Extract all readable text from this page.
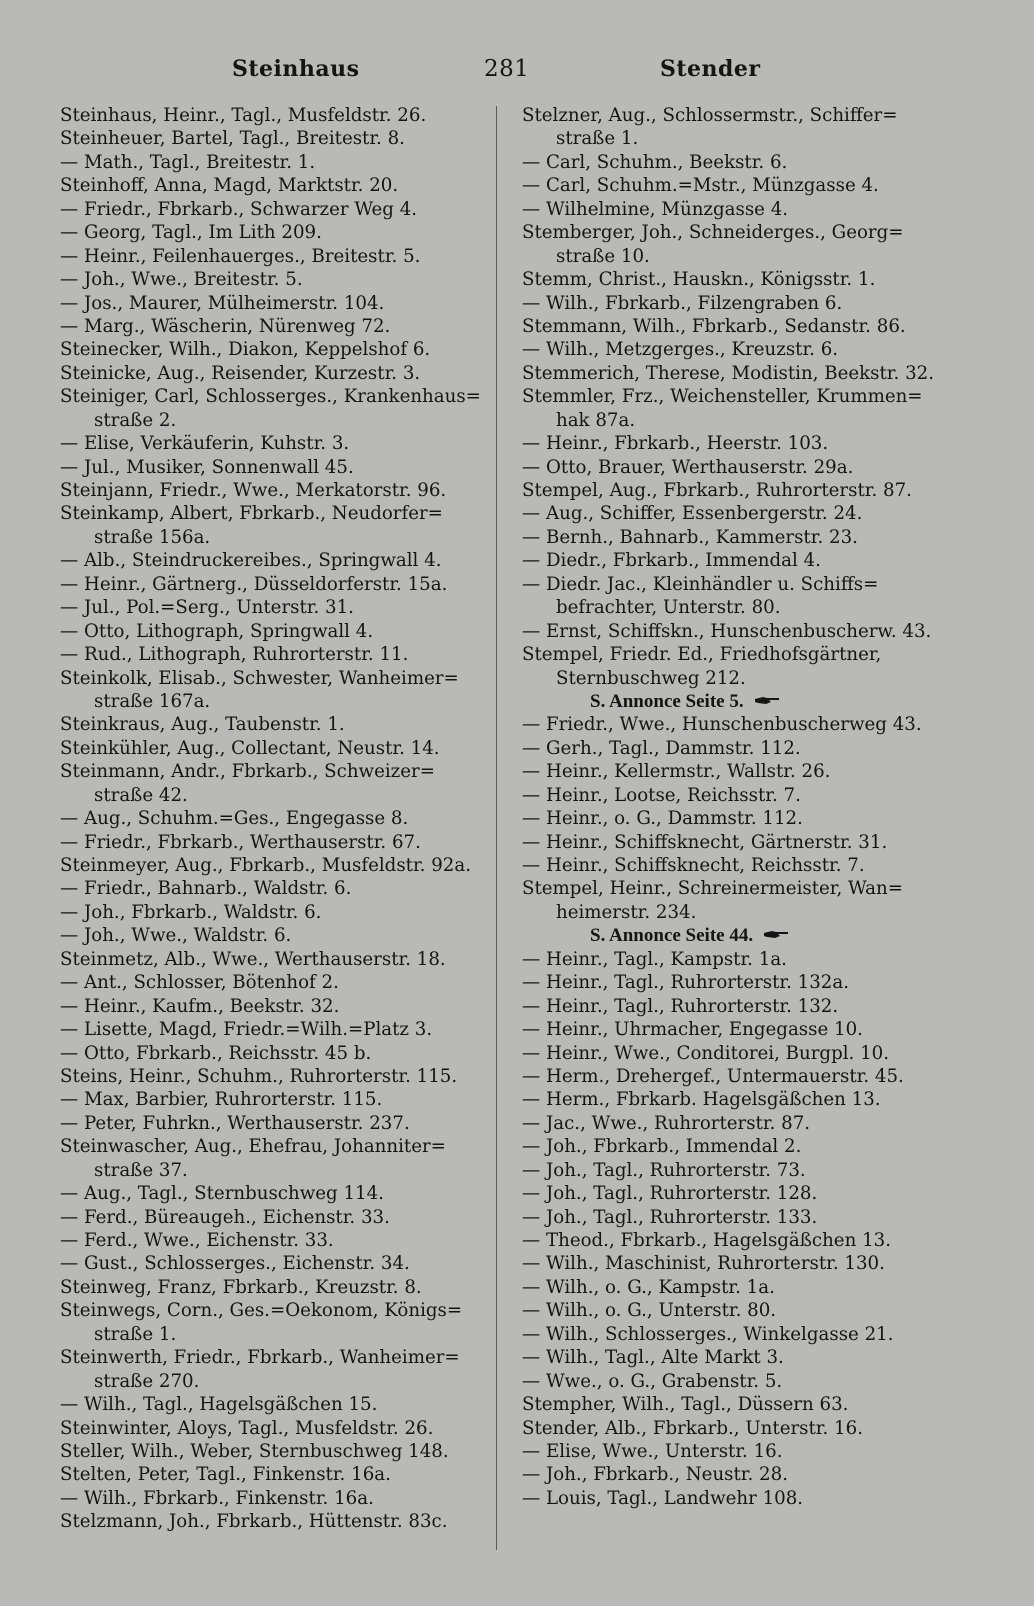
Steinhaus	281	Stender
Steinhaus, Heinr., Tagl., Musfeldstr. 26.
Steinheuer, Bartel, Tagl., Breitestr. 8.
— Math., Tagl., Breitestr. 1.
Steinhoff, Anna, Magd, Marktstr. 20.
— Friedr., Fbrkarb., Schwarzer Weg 4.
— Georg, Tagl., Im Lith 209.
— Heinr., Feilenhauerges., Breitestr. 5.
— Joh., Wwe., Breitestr. 5.
— Jos., Maurer, Mülheimerstr. 104.
— Marg., Wäscherin, Nürenweg 72.
Steinecker, Wilh., Diakon, Keppelshof 6.
Steinicke, Aug., Reisender, Kurzestr. 3.
Steiniger, Carl, Schlosserges., Krankenhaus=
straße 2.
— Elise, Verkäuferin, Kuhstr. 3.
— Jul., Musiker, Sonnenwall 45.
Steinjann, Friedr., Wwe., Merkatorstr. 96.
Steinkamp, Albert, Fbrkarb., Neudorfer=
straße 156a.
— Alb., Steindruckereibes., Springwall 4.
— Heinr., Gärtnerg., Düsseldorferstr. 15a.
— Jul., Pol.=Serg., Unterstr. 31.
— Otto, Lithograph, Springwall 4.
— Rud., Lithograph, Ruhrorterstr. 11.
Steinkolk, Elisab., Schwester, Wanheimer=
straße 167a.
Steinkraus, Aug., Taubenstr. 1.
Steinkühler, Aug., Collectant, Neustr. 14.
Steinmann, Andr., Fbrkarb., Schweizer=
straße 42.
— Aug., Schuhm.=Ges., Engegasse 8.
— Friedr., Fbrkarb., Werthauserstr. 67.
Steinmeyer, Aug., Fbrkarb., Musfeldstr. 92a.
— Friedr., Bahnarb., Waldstr. 6.
— Joh., Fbrkarb., Waldstr. 6.
— Joh., Wwe., Waldstr. 6.
Steinmetz, Alb., Wwe., Werthauserstr. 18.
— Ant., Schlosser, Bötenhof 2.
— Heinr., Kaufm., Beekstr. 32.
— Lisette, Magd, Friedr.=Wilh.=Platz 3.
— Otto, Fbrkarb., Reichsstr. 45 b.
Steins, Heinr., Schuhm., Ruhrorterstr. 115.
— Max, Barbier, Ruhrorterstr. 115.
— Peter, Fuhrkn., Werthauserstr. 237.
Steinwascher, Aug., Ehefrau, Johanniter=
straße 37.
— Aug., Tagl., Sternbuschweg 114.
— Ferd., Büreaugeh., Eichenstr. 33.
— Ferd., Wwe., Eichenstr. 33.
— Gust., Schlosserges., Eichenstr. 34.
Steinweg, Franz, Fbrkarb., Kreuzstr. 8.
Steinwegs, Corn., Ges.=Oekonom, Königs=
straße 1.
Steinwerth, Friedr., Fbrkarb., Wanheimer=
straße 270.
— Wilh., Tagl., Hagelsgäßchen 15.
Steinwinter, Aloys, Tagl., Musfeldstr. 26.
Steller, Wilh., Weber, Sternbuschweg 148.
Stelten, Peter, Tagl., Finkenstr. 16a.
— Wilh., Fbrkarb., Finkenstr. 16a.
Stelzmann, Joh., Fbrkarb., Hüttenstr. 83c.
Stelzner, Aug., Schlossermstr., Schiffer=
straße 1.
— Carl, Schuhm., Beekstr. 6.
— Carl, Schuhm.=Mstr., Münzgasse 4.
— Wilhelmine, Münzgasse 4.
Stemberger, Joh., Schneiderges., Georg=
straße 10.
Stemm, Christ., Hauskn., Königsstr. 1.
— Wilh., Fbrkarb., Filzengraben 6.
Stemmann, Wilh., Fbrkarb., Sedanstr. 86.
— Wilh., Metzgerges., Kreuzstr. 6.
Stemmerich, Therese, Modistin, Beekstr. 32.
Stemmler, Frz., Weichensteller, Krummen=
hak 87a.
— Heinr., Fbrkarb., Heerstr. 103.
— Otto, Brauer, Werthauserstr. 29a.
Stempel, Aug., Fbrkarb., Ruhrorterstr. 87.
— Aug., Schiffer, Essenbergerstr. 24.
— Bernh., Bahnarb., Kammerstr. 23.
— Diedr., Fbrkarb., Immendal 4.
— Diedr. Jac., Kleinhändler u. Schiffs=
befrachter, Unterstr. 80.
— Ernst, Schiffskn., Hunschenbuscherw. 43.
Stempel, Friedr. Ed., Friedhofsgärtner,
Sternbuschweg 212.
S. Annonce Seite 5.
— Friedr., Wwe., Hunschenbuscherweg 43.
— Gerh., Tagl., Dammstr. 112.
— Heinr., Kellermstr., Wallstr. 26.
— Heinr., Lootse, Reichsstr. 7.
— Heinr., o. G., Dammstr. 112.
— Heinr., Schiffsknecht, Gärtnerstr. 31.
— Heinr., Schiffsknecht, Reichsstr. 7.
Stempel, Heinr., Schreinermeister, Wan=
heimerstr. 234.
S. Annonce Seite 44.
— Heinr., Tagl., Kampstr. 1a.
— Heinr., Tagl., Ruhrorterstr. 132a.
— Heinr., Tagl., Ruhrorterstr. 132.
— Heinr., Uhrmacher, Engegasse 10.
— Heinr., Wwe., Conditorei, Burgpl. 10.
— Herm., Drehergef., Untermauerstr. 45.
— Herm., Fbrkarb. Hagelsgäßchen 13.
— Jac., Wwe., Ruhrorterstr. 87.
— Joh., Fbrkarb., Immendal 2.
— Joh., Tagl., Ruhrorterstr. 73.
— Joh., Tagl., Ruhrorterstr. 128.
— Joh., Tagl., Ruhrorterstr. 133.
— Theod., Fbrkarb., Hagelsgäßchen 13.
— Wilh., Maschinist, Ruhrorterstr. 130.
— Wilh., o. G., Kampstr. 1a.
— Wilh., o. G., Unterstr. 80.
— Wilh., Schlosserges., Winkelgasse 21.
— Wilh., Tagl., Alte Markt 3.
— Wwe., o. G., Grabenstr. 5.
Stempher, Wilh., Tagl., Düssern 63.
Stender, Alb., Fbrkarb., Unterstr. 16.
— Elise, Wwe., Unterstr. 16.
— Joh., Fbrkarb., Neustr. 28.
— Louis, Tagl., Landwehr 108.
